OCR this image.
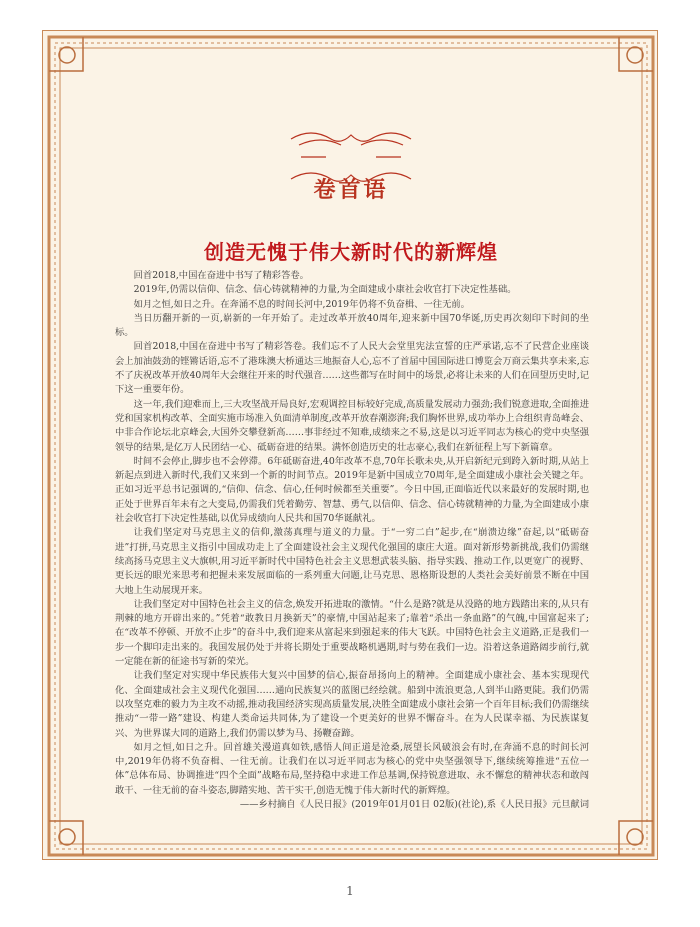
卷首语
创造无愧于伟大新时代的新辉煌

回首2018,中国在奋进中书写了精彩答卷。

2019年,仍需以信仰、信念、信心铸就精神的力量,为全面建成小康社会收官打下决定性基础。

如月之恒,如日之升。在奔涌不息的时间长河中,2019年仍将不负奋楫、一往无前。

当日历翻开新的一页,崭新的一年开始了。走过改革开放40周年,迎来新中国70华诞,历史再次刻印下时间的坐标。

回首2018,中国在奋进中书写了精彩答卷。我们忘不了人民大会堂里宪法宣誓的庄严承诺,忘不了民营企业座谈会上加油鼓劲的铿锵话语,忘不了港珠澳大桥通达三地振奋人心,忘不了首届中国国际进口博览会万商云集共享未来,忘不了庆祝改革开放40周年大会继往开来的时代强音……这些都写在时间中的场景,必将让未来的人们在回望历史时,记下这一重要年份。

这一年,我们迎难而上,三大攻坚战开局良好,宏观调控目标较好完成,高质量发展动力强劲;我们锐意进取,全面推进党和国家机构改革、全面实施市场准入负面清单制度,改革开放春潮澎湃;我们胸怀世界,成功举办上合组织青岛峰会、中非合作论坛北京峰会,大国外交攀登新高……事非经过不知难,成绩来之不易,这是以习近平同志为核心的党中央坚强领导的结果,是亿万人民团结一心、砥砺奋进的结果。满怀创造历史的壮志豪心,我们在新征程上写下新篇章。

时间不会停止,脚步也不会停滞。6年砥砺奋进,40年改革不息,70年长歌未央,从开启新纪元到跨入新时期,从站上新起点到进入新时代,我们又来到一个新的时间节点。2019年是新中国成立70周年,是全面建成小康社会关键之年。正如习近平总书记强调的,“信仰、信念、信心,任何时候都至关重要”。今日中国,正面临近代以来最好的发展时期,也正处于世界百年未有之大变局,仍需我们凭着勤劳、智慧、勇气,以信仰、信念、信心铸就精神的力量,为全面建成小康社会收官打下决定性基础,以优异成绩向人民共和国70华诞献礼。

让我们坚定对马克思主义的信仰,激荡真理与道义的力量。于“一穷二白”起步,在“崩溃边缘”奋起,以“砥砺奋进”打拼,马克思主义指引中国成功走上了全面建设社会主义现代化强国的康庄大道。面对新形势新挑战,我们仍需继续高扬马克思主义大旗帜,用习近平新时代中国特色社会主义思想武装头脑、指导实践、推动工作,以更宽广的视野、更长远的眼光来思考和把握未来发展面临的一系列重大问题,让马克思、恩格斯设想的人类社会美好前景不断在中国大地上生动展现开来。

让我们坚定对中国特色社会主义的信念,焕发开拓进取的激情。“什么是路?就是从没路的地方践踏出来的,从只有荆棘的地方开辟出来的。”凭着“敢教日月换新天”的豪情,中国站起来了;靠着“杀出一条血路”的气魄,中国富起来了;在“改革不停顿、开放不止步”的奋斗中,我们迎来从富起来到强起来的伟大飞跃。中国特色社会主义道路,正是我们一步一个脚印走出来的。我国发展仍处于并将长期处于重要战略机遇期,时与势在我们一边。沿着这条道路阔步前行,就一定能在新的征途书写新的荣光。

让我们坚定对实现中华民族伟大复兴中国梦的信心,振奋昂扬向上的精神。全面建成小康社会、基本实现现代化、全面建成社会主义现代化强国……通向民族复兴的蓝图已经绘就。船到中流浪更急,人到半山路更陡。我们仍需以攻坚克难的毅力为主攻不动摇,推动我国经济实现高质量发展,决胜全面建成小康社会第一个百年目标;我们仍需继续推动“一带一路”建设、构建人类命运共同体,为了建设一个更美好的世界不懈奋斗。在为人民谋幸福、为民族谋复兴、为世界谋大同的道路上,我们仍需以梦为马、扬鞭奋蹄。

如月之恒,如日之升。回首雄关漫道真如铁,感悟人间正道是沧桑,展望长风破浪会有时,在奔涌不息的时间长河中,2019年仍将不负奋楫、一往无前。让我们在以习近平同志为核心的党中央坚强领导下,继续统筹推进“五位一体”总体布局、协调推进“四个全面”战略布局,坚持稳中求进工作总基调,保持锐意进取、永不懈怠的精神状态和敢闯敢干、一往无前的奋斗姿态,脚踏实地、苦干实干,创造无愧于伟大新时代的新辉煌。

——乡村摘自《人民日报》(2019年01月01日 02版)(社论),系《人民日报》元旦献词

1
